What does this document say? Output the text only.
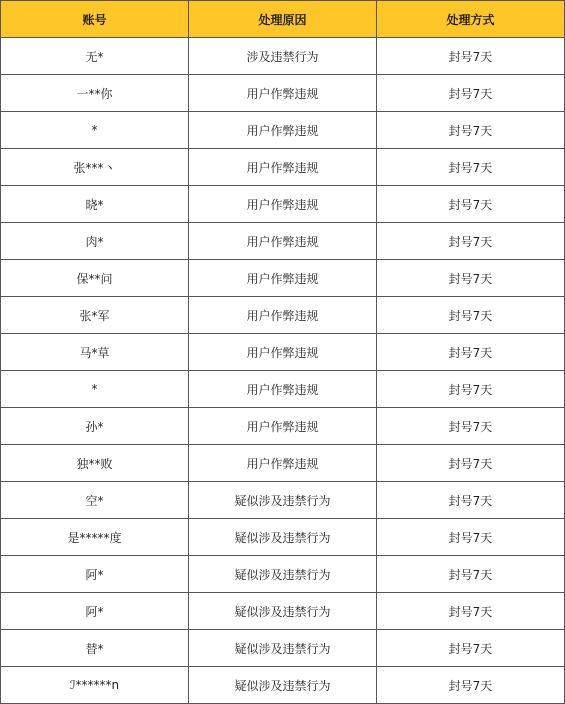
账号	处理原因	处理方式
无*	涉及违禁行为	封号7天
一**你	用户作弊违规	封号7天
*	用户作弊违规	封号7天
张***丶	用户作弊违规	封号7天
晓*	用户作弊违规	封号7天
肉*	用户作弊违规	封号7天
保**问	用户作弊违规	封号7天
张*军	用户作弊违规	封号7天
马*草	用户作弊违规	封号7天
*	用户作弊违规	封号7天
孙*	用户作弊违规	封号7天
独**败	用户作弊违规	封号7天
空*	疑似涉及违禁行为	封号7天
是*****度	疑似涉及违禁行为	封号7天
阿*	疑似涉及违禁行为	封号7天
阿*	疑似涉及违禁行为	封号7天
替*	疑似涉及违禁行为	封号7天
ℐ******n	疑似涉及违禁行为	封号7天
